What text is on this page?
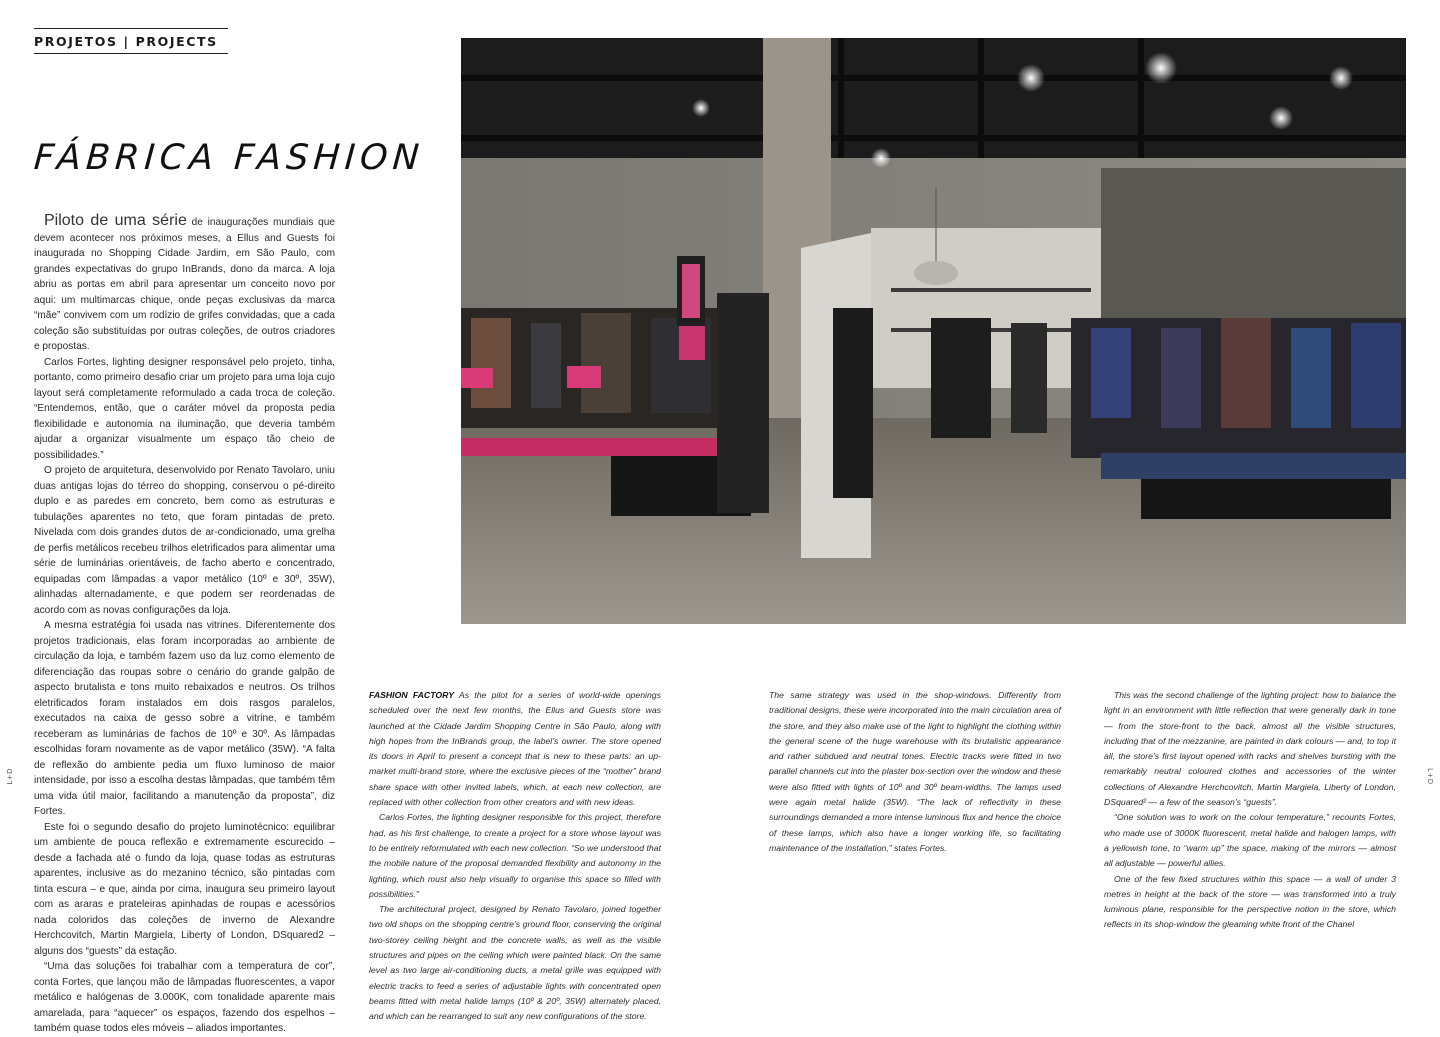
PROJETOS | PROJECTS
FÁBRICA FASHION

Piloto de uma série de inaugurações mundiais que devem acontecer nos próximos meses, a Ellus and Guests foi inaugurada no Shopping Cidade Jardim, em São Paulo, com grandes expectativas do grupo InBrands, dono da marca. A loja abriu as portas em abril para apresentar um conceito novo por aqui: um multimarcas chique, onde peças exclusivas da marca “mãe” convivem com um rodízio de grifes convidadas, que a cada coleção são substituídas por outras coleções, de outros criadores e propostas.

Carlos Fortes, lighting designer responsável pelo projeto, tinha, portanto, como primeiro desafio criar um projeto para uma loja cujo layout será completamente reformulado a cada troca de coleção. “Entendemos, então, que o caráter móvel da proposta pedia flexibilidade e autonomia na iluminação, que deveria também ajudar a organizar visualmente um espaço tão cheio de possibilidades.”

O projeto de arquitetura, desenvolvido por Renato Tavolaro, uniu duas antigas lojas do térreo do shopping, conservou o pé-direito duplo e as paredes em concreto, bem como as estruturas e tubulações aparentes no teto, que foram pintadas de preto. Nivelada com dois grandes dutos de ar-condicionado, uma grelha de perfis metálicos recebeu trilhos eletrificados para alimentar uma série de luminárias orientáveis, de facho aberto e concentrado, equipadas com lâmpadas a vapor metálico (10º e 30º, 35W), alinhadas alternadamente, e que podem ser reordenadas de acordo com as novas configurações da loja.

A mesma estratégia foi usada nas vitrines. Diferentemente dos projetos tradicionais, elas foram incorporadas ao ambiente de circulação da loja, e também fazem uso da luz como elemento de diferenciação das roupas sobre o cenário do grande galpão de aspecto brutalista e tons muito rebaixados e neutros. Os trilhos eletrificados foram instalados em dois rasgos paralelos, executados na caixa de gesso sobre a vitrine, e também receberam as luminárias de fachos de 10º e 30º. As lâmpadas escolhidas foram novamente as de vapor metálico (35W). “A falta de reflexão do ambiente pedia um fluxo luminoso de maior intensidade, por isso a escolha destas lâmpadas, que também têm uma vida útil maior, facilitando a manutenção da proposta”, diz Fortes.

Este foi o segundo desafio do projeto luminotécnico: equilibrar um ambiente de pouca reflexão e extremamente escurecido – desde a fachada até o fundo da loja, quase todas as estruturas aparentes, inclusive as do mezanino técnico, são pintadas com tinta escura – e que, ainda por cima, inaugura seu primeiro layout com as araras e prateleiras apinhadas de roupas e acessórios nada coloridos das coleções de inverno de Alexandre Herchcovitch, Martin Margiela, Liberty of London, DSquared2 – alguns dos “guests” da estação.

“Uma das soluções foi trabalhar com a temperatura de cor”, conta Fortes, que lançou mão de lâmpadas fluorescentes, a vapor metálico e halógenas de 3.000K, com tonalidade aparente mais amarelada, para “aquecer” os espaços, fazendo dos espelhos – também quase todos eles móveis – aliados importantes.

FASHION FACTORY As the pilot for a series of world-wide openings scheduled over the next few months, the Ellus and Guests store was launched at the Cidade Jardim Shopping Centre in São Paulo, along with high hopes from the InBrands group, the label’s owner. The store opened its doors in April to present a concept that is new to these parts: an up-market multi-brand store, where the exclusive pieces of the “mother” brand share space with other invited labels, which, at each new collection, are replaced with other collection from other creators and with new ideas.

Carlos Fortes, the lighting designer responsible for this project, therefore had, as his first challenge, to create a project for a store whose layout was to be entirely reformulated with each new collection. “So we understood that the mobile nature of the proposal demanded flexibility and autonomy in the lighting, which must also help visually to organise this space so filled with possibilities.”

The architectural project, designed by Renato Tavolaro, joined together two old shops on the shopping centre’s ground floor, conserving the original two-storey ceiling height and the concrete walls, as well as the visible structures and pipes on the ceiling which were painted black. On the same level as two large air-conditioning ducts, a metal grille was equipped with electric tracks to feed a series of adjustable lights with concentrated open beams fitted with metal halide lamps (10º & 20º, 35W) alternately placed, and which can be rearranged to suit any new configurations of the store.

The same strategy was used in the shop-windows. Differently from traditional designs, these were incorporated into the main circulation area of the store, and they also make use of the light to highlight the clothing within the general scene of the huge warehouse with its brutalistic appearance and rather subdued and neutral tones. Electric tracks were fitted in two parallel channels cut into the plaster box-section over the window and these were also fitted with lights of 10º and 30º beam-widths. The lamps used were again metal halide (35W). “The lack of reflectivity in these surroundings demanded a more intense luminous flux and hence the choice of these lamps, which also have a longer working life, so facilitating maintenance of the installation,” states Fortes.

This was the second challenge of the lighting project: how to balance the light in an environment with little reflection that were generally dark in tone — from the store-front to the back, almost all the visible structures, including that of the mezzanine, are painted in dark colours — and, to top it all, the store’s first layout opened with racks and shelves bursting with the remarkably neutral coloured clothes and accessories of the winter collections of Alexandre Herchcovitch, Martin Margiela, Liberty of London, DSquared² — a few of the season’s “guests”.

“One solution was to work on the colour temperature,” recounts Fortes, who made use of 3000K fluorescent, metal halide and halogen lamps, with a yellowish tone, to “warm up” the space, making of the mirrors — almost all adjustable — powerful allies.

One of the few fixed structures within this space — a wall of under 3 metres in height at the back of the store — was transformed into a truly luminous plane, responsible for the perspective notion in the store, which reflects in its shop-window the gleaming white front of the Chanel

L+D	L+D
